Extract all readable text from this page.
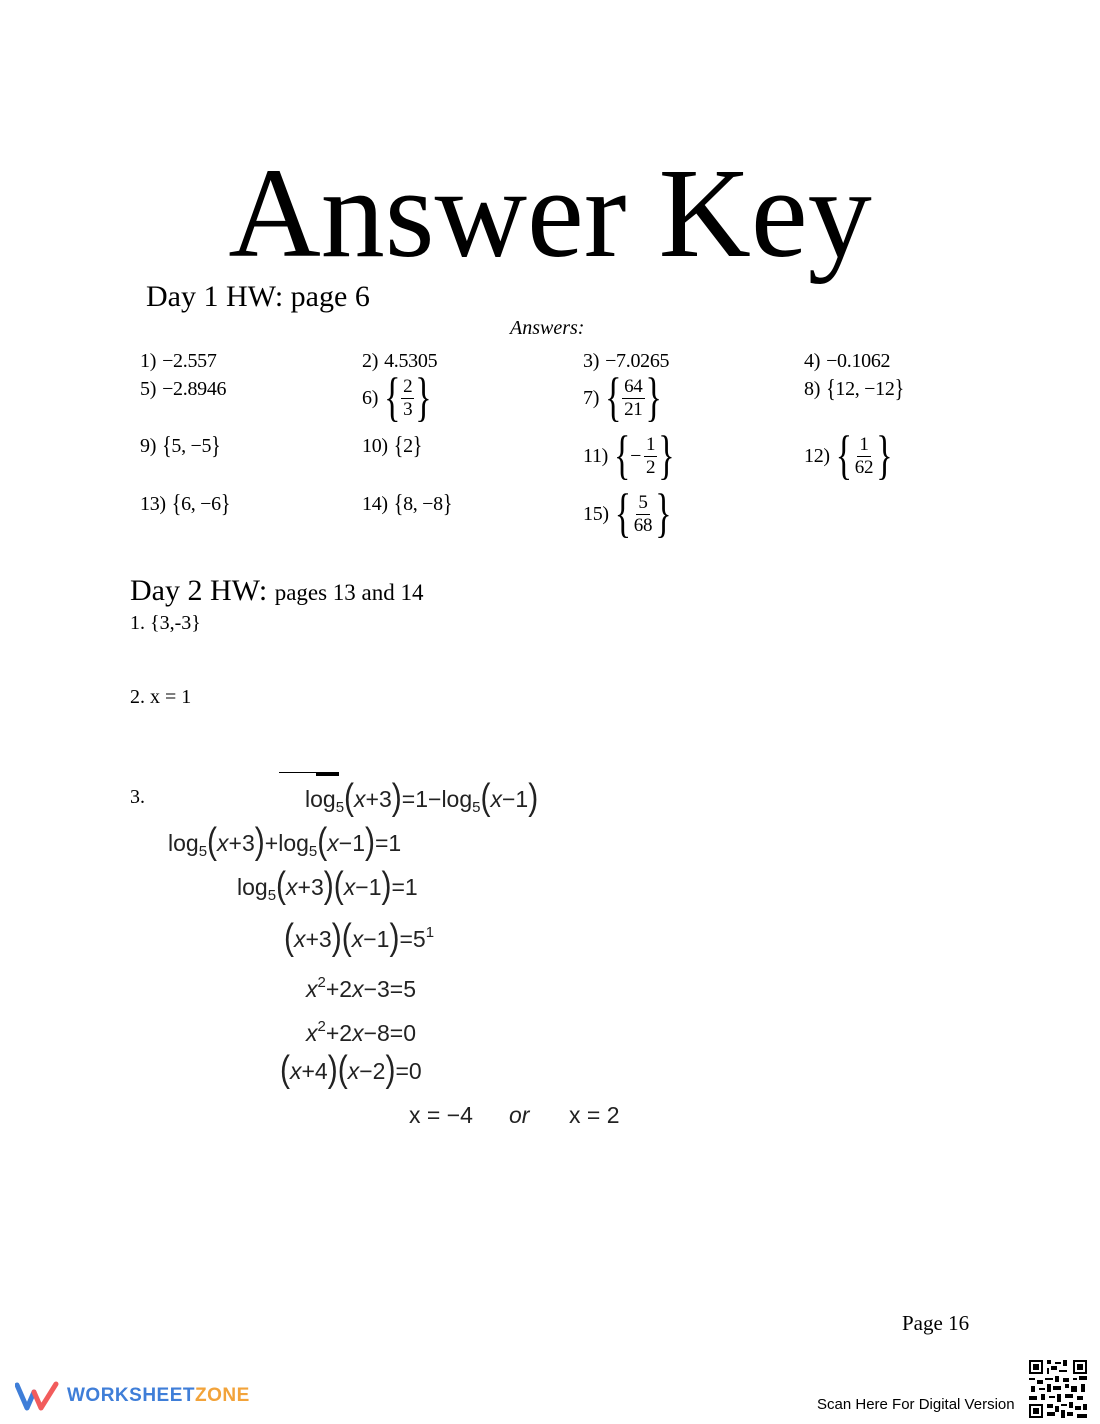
Answer Key
Day 1 HW: page 6
Answers:
1) −2.557	2) 4.5305	3) −7.0265	4) −0.1062
5) −2.8946	6) { $\frac{2}{3}$ }	7) { $\frac{64}{21}$ }	8) {12, −12}
9) {5, −5}	10) {2}	11) { − $\frac{1}{2}$ }	12) { $\frac{1}{62}$ }
13) {6, −6}	14) {8, −8}	15) { $\frac{5}{68}$ }
Day 2 HW: pages 13 and 14
1. {3,-3}
2. x = 1
3.	$\log_5(x+3)=1-\log_5(x-1)$
$\log_5(x+3)+\log_5(x-1)=1$
$\log_5(x+3)(x-1)=1$
$(x+3)(x-1)=5^1$
$x^2+2x-3=5$
$x^2+2x-8=0$
(x+4)(x−2)=0
x = −4 or x = 2
Page 16
WORKSHEETZONE	Scan Here For Digital Version
